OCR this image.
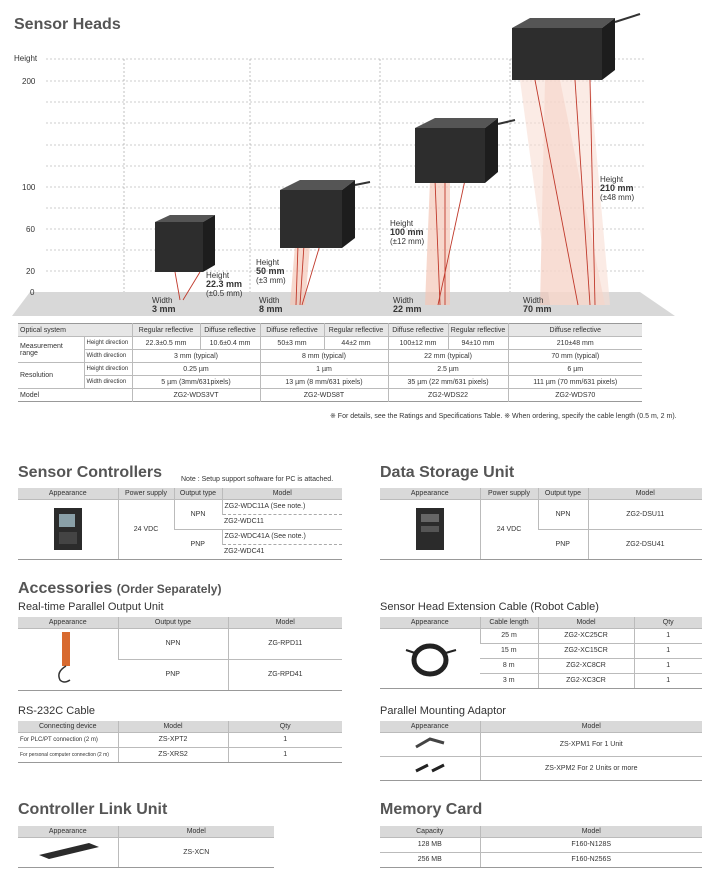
Sensor Heads
Height
200
100
60
20
0
Width
3 mm
Width
8 mm
Width
22 mm
Width
70 mm
Height
22.3 mm
(±0.5 mm)
Height
50 mm
(±3 mm)
Height
100 mm
(±12 mm)
Height
210 mm
(±48 mm)
Optical system		Regular reflective	Diffuse reflective	Diffuse reflective	Regular reflective	Diffuse reflective	Regular reflective	Diffuse reflective
Measurement range	Height direction	22.3±0.5 mm	10.6±0.4 mm	50±3 mm	44±2 mm	100±12 mm	94±10 mm	210±48 mm
	Width direction	3 mm (typical)		8 mm (typical)		22 mm (typical)		70 mm (typical)
Resolution	Height direction	0.25 µm		1 µm		2.5 µm		6 µm
	Width direction	5 µm (3mm/631pixels)		13 µm (8 mm/631 pixels)		35 µm (22 mm/631 pixels)		111 µm (70 mm/631 pixels)
Model		ZG2-WDS3VT		ZG2-WDS8T		ZG2-WDS22		ZG2-WDS70
※ For details, see the Ratings and Specifications Table. ※ When ordering, specify the cable length (0.5 m, 2 m).
Sensor Controllers	Note : Setup support software for PC is attached.
Appearance	Power supply	Output type	Model
	24 VDC	NPN	ZG2-WDC11A (See note.)
			ZG2-WDC11
		PNP	ZG2-WDC41A (See note.)
			ZG2-WDC41
Data Storage Unit
Appearance	Power supply	Output type	Model
	24 VDC	NPN	ZG2-DSU11
		PNP	ZG2-DSU41
Accessories (Order Separately)
Real-time Parallel Output Unit
Appearance	Output type	Model
	NPN	ZG-RPD11
	PNP	ZG-RPD41
Sensor Head Extension Cable (Robot Cable)
Appearance	Cable length	Model	Qty
	25 m	ZG2-XC25CR	1
	15 m	ZG2-XC15CR	1
	8 m	ZG2-XC8CR	1
	3 m	ZG2-XC3CR	1
RS-232C Cable
Connecting device	Model	Qty
For PLC/PT connection (2 m)	ZS-XPT2	1
For personal computer connection (2 m)	ZS-XRS2	1
Parallel Mounting Adaptor
Appearance	Model
	ZS-XPM1 For 1 Unit
	ZS-XPM2 For 2 Units or more
Controller Link Unit
Appearance	Model
	ZS-XCN
Memory Card
Capacity	Model
128 MB	F160-N128S
256 MB	F160-N256S
